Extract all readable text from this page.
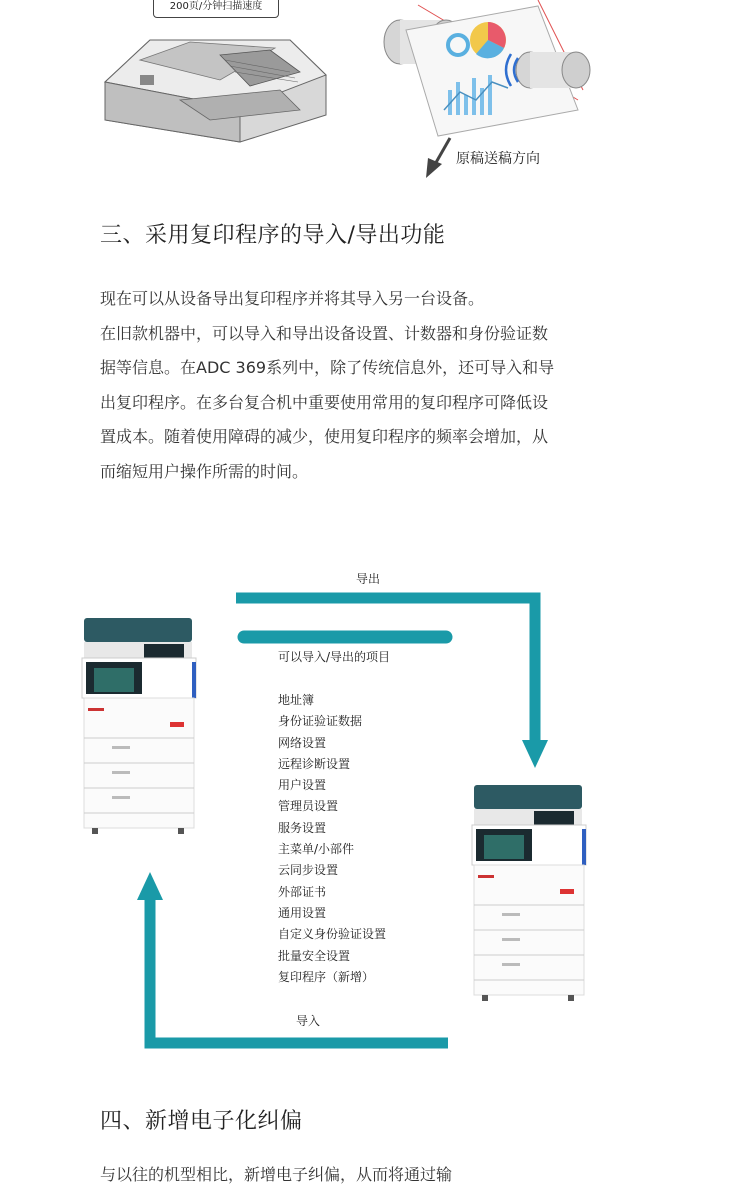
200页/分钟扫描速度
原稿送稿方向
三、采用复印程序的导入/导出功能
现在可以从设备导出复印程序并将其导入另一台设备。
在旧款机器中，可以导入和导出设备设置、计数器和身份验证数
据等信息。在ADC 369系列中，除了传统信息外，还可导入和导
出复印程序。在多台复合机中重要使用常用的复印程序可降低设
置成本。随着使用障碍的减少，使用复印程序的频率会增加，从
而缩短用户操作所需的时间。
导出
可以导入/导出的项目
地址簿
身份证验证数据
网络设置
远程诊断设置
用户设置
管理员设置
服务设置
主菜单/小部件
云同步设置
外部证书
通用设置
自定义身份验证设置
批量安全设置
复印程序（新增）
导入
四、新增电子化纠偏
与以往的机型相比，新增电子纠偏，从而将通过输
